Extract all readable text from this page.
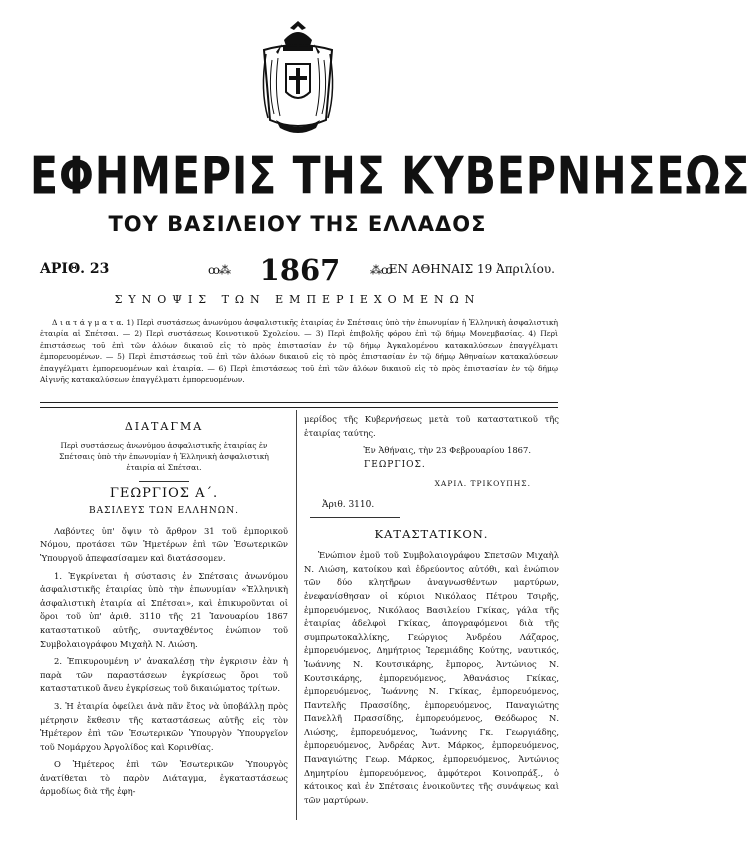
ΕΦΗΜΕΡΙΣ ΤΗΣ ΚΥΒΕΡΝΗΣΕΩΣ
ΤΟΥ ΒΑΣΙΛΕΙΟΥ ΤΗΣ ΕΛΛΑΔΟΣ
ΑΡΙΘ. 23	ꝏ⁂	1867	⁂ꝏ
ΕΝ ΑΘΗΝΑΙΣ 19 Ἀπριλίου.
ΣΥΝΟΨΙΣ ΤΩΝ ΕΜΠΕΡΙΕΧΟΜΕΝΩΝ
Δ ι α τ ά γ μ α τ α. 1) Περὶ συστάσεως ἀνωνύμου ἀσφαλιστικῆς ἑταιρίας ἐν Σπέτσαις ὑπὸ τὴν ἐπωνυμίαν ἡ Ἑλληνικὴ ἀσφαλιστικὴ ἑταιρία αἱ Σπέτσαι. — 2) Περὶ συστάσεως Κοινοτικοῦ Σχολείου. — 3) Περὶ ἐπιβολῆς φόρου ἐπὶ τῷ δήμῳ Μονεμβασίας. 4) Περὶ ἐπιστάσεως τοῦ ἐπὶ τῶν ἀλόων δικαιοῦ εἰς τὸ πρὸς ἐπιστασίαν ἐν τῷ δήμῳ Ἀγκαλομένου κατακαλύσεων ἐπαγγέλματι ἐμπορευομένων. — 5) Περὶ ἐπιστάσεως τοῦ ἐπὶ τῶν ἀλόων δικαιοῦ εἰς τὸ πρὸς ἐπιστασίαν ἐν τῷ δήμῳ Ἀθηναίων κατακαλύσεων ἐπαγγέλματι ἐμπορευομένων καὶ ἑταιρία. — 6) Περὶ ἐπιστάσεως τοῦ ἐπὶ τῶν ἀλόων δικαιοῦ εἰς τὸ πρὸς ἐπιστασίαν ἐν τῷ δήμῳ Αἰγινῆς κατακαλύσεων ἐπαγγέλματι ἐμπορευομένων.
ΔΙΑΤΑΓΜΑ
Περὶ συστάσεως ἀνωνύμου ἀσφαλιστικῆς ἑταιρίας ἐν Σπέτσαις ὑπὸ τὴν ἐπωνυμίαν ἡ Ἑλληνικὴ ἀσφαλιστικὴ ἑταιρία αἱ Σπέτσαι.
ΓΕΩΡΓΙΟΣ Α΄.
ΒΑΣΙΛΕΥΣ ΤΩΝ ΕΛΛΗΝΩΝ.

Λαβόντες ὑπ' ὄψιν τὸ ἄρθρον 31 τοῦ ἐμπορικοῦ Νόμου, προτάσει τῶν Ἡμετέρων ἐπὶ τῶν Ἐσωτερικῶν Ὑπουργοῦ ἀπεφασίσαμεν καὶ διατάσσομεν.

1. Ἐγκρίνεται ἡ σύστασις ἐν Σπέτσαις ἀνωνύμου ἀσφαλιστικῆς ἑταιρίας ὑπὸ τὴν ἐπωνυμίαν «Ἑλληνικὴ ἀσφαλιστικὴ ἑταιρία αἱ Σπέτσαι», καὶ ἐπικυροῦνται οἱ ὅροι τοῦ ὑπ' ἀριθ. 3110 τῆς 21 Ἰανουαρίου 1867 καταστατικοῦ αὐτῆς, συνταχθέντος ἐνώπιον τοῦ Συμβολαιογράφου Μιχαὴλ Ν. Λιώση.

2. Ἐπικυρουμένη ν' ἀνακαλέσῃ τὴν ἐγκρισιν ἐὰν ἡ παρὰ τῶν παραστάσεων ἐγκρίσεως ὅροι τοῦ καταστατικοῦ ἄνευ ἐγκρίσεως τοῦ δικαιώματος τρίτων.

3. Ἡ ἑταιρία ὀφείλει ἀνὰ πᾶν ἔτος νὰ ὑποβάλλῃ πρὸς μέτρησιν ἔκθεσιν τῆς καταστάσεως αὐτῆς εἰς τὸν Ἡμέτερον ἐπὶ τῶν Ἐσωτερικῶν Ὑπουργὸν Ὑπουργεῖον τοῦ Νομάρχου Ἀργολίδος καὶ Κορινθίας.

Ο Ἡμέτερος ἐπὶ τῶν Ἐσωτερικῶν Ὑπουργὸς ἀνατίθεται τὸ παρὸν Διάταγμα, ἐγκαταστάσεως ἀρμοδίως διὰ τῆς ἐφη-

μερίδος τῆς Κυβερνήσεως μετὰ τοῦ καταστατικοῦ τῆς ἑταιρίας ταύτης.

Ἐν Ἀθήναις, τὴν 23 Φεβρουαρίου 1867.
ΓΕΩΡΓΙΟΣ.
ΧΑΡΙΛ. ΤΡΙΚΟΥΠΗΣ.
Ἀριθ. 3110.
ΚΑΤΑΣΤΑΤΙΚΟΝ.

Ἐνώπιον ἐμοῦ τοῦ Συμβολαιογράφου Σπετσῶν Μιχαὴλ Ν. Λιώση, κατοίκου καὶ ἐδρεύοντος αὐτόθι, καὶ ἐνώπιον τῶν δύο κλητῆρων ἀναγνωσθέντων μαρτύρων, ἐνεφανίσθησαν οἱ κύριοι Νικόλαος Πέτρου Τσιρῆς, ἐμπορευόμενος, Νικόλαος Βασιλείου Γκίκας, γάλα τῆς ἑταιρίας ἀδελφοὶ Γκίκας, ἀπογραφόμενοι διὰ τῆς συμπρωτοκαλλίκης, Γεώργιος Ἀνδρέου Λάζαρος, ἐμπορευόμενος, Δημήτριος Ἱερεμιάδης Κούτης, ναυτικός, Ἰωάννης Ν. Κουτσικάρης, ἔμπορος, Ἀντώνιος Ν. Κουτσικάρης, ἐμπορευόμενος, Ἀθανάσιος Γκίκας, ἐμπορευόμενος, Ἰωάννης Ν. Γκίκας, ἐμπορευόμενος, Παντελῆς Πρασσίδης, ἐμπορευόμενος, Παναγιώτης Πανελλῆ Πρασσίδης, ἐμπορευόμενος, Θεόδωρος Ν. Λιώσης, ἐμπορευόμενος, Ἰωάννης Γκ. Γεωργιάδης, ἐμπορευόμενος, Ἀνδρέας Ἀντ. Μάρκος, ἐμπορευόμενος, Παναγιώτης Γεωρ. Μάρκος, ἐμπορευόμενος, Ἀντώνιος Δημητρίου ἐμπορευόμενος, ἀμφότεροι Κοινοπράξ., ὁ κάτοικος καὶ ἐν Σπέτσαις ἐνοικοῦντες τῆς συνάψεως καὶ τῶν μαρτύρων.
